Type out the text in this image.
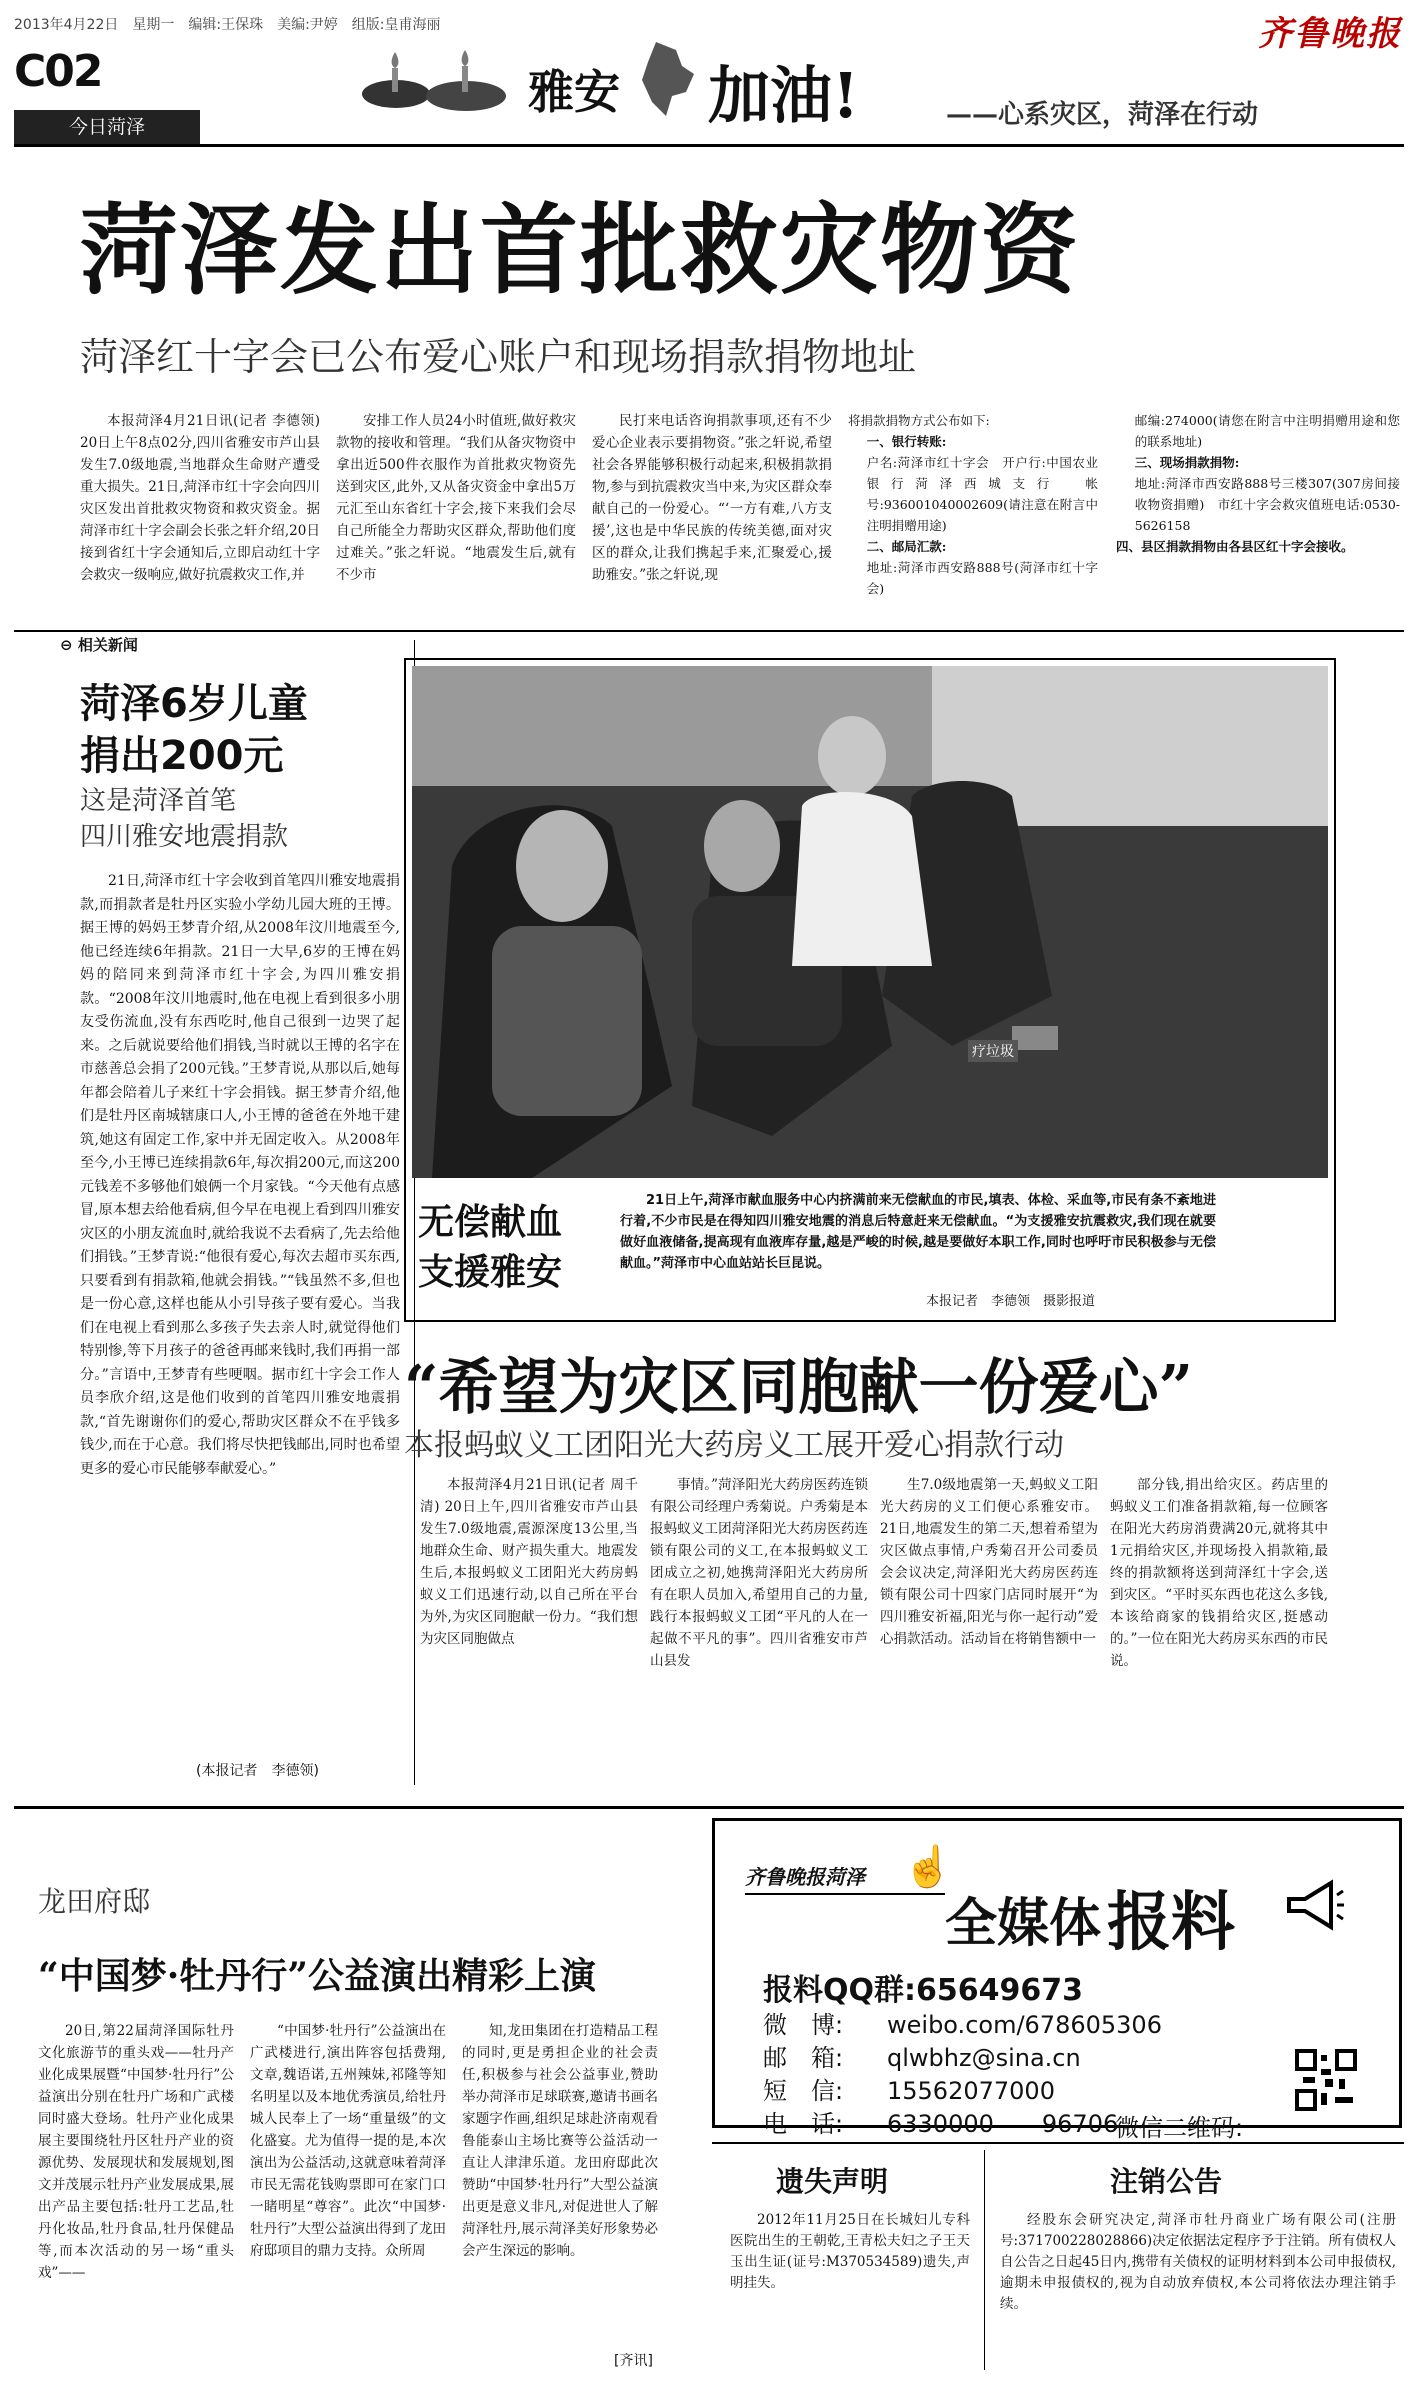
2013年4月22日　星期一　编辑:王保珠　美编:尹婷　组版:皇甫海丽	齐鲁晚报
C02
今日菏泽
雅安 加油!	——心系灾区，菏泽在行动
菏泽发出首批救灾物资
菏泽红十字会已公布爱心账户和现场捐款捐物地址

本报菏泽4月21日讯(记者 李德领) 20日上午8点02分,四川省雅安市芦山县发生7.0级地震,当地群众生命财产遭受重大损失。21日,菏泽市红十字会向四川灾区发出首批救灾物资和救灾资金。据菏泽市红十字会副会长张之轩介绍,20日接到省红十字会通知后,立即启动红十字会救灾一级响应,做好抗震救灾工作,并

安排工作人员24小时值班,做好救灾款物的接收和管理。“我们从备灾物资中拿出近500件衣服作为首批救灾物资先送到灾区,此外,又从备灾资金中拿出5万元汇至山东省红十字会,接下来我们会尽自己所能全力帮助灾区群众,帮助他们度过难关。”张之轩说。“地震发生后,就有不少市

民打来电话咨询捐款事项,还有不少爱心企业表示要捐物资。”张之轩说,希望社会各界能够积极行动起来,积极捐款捐物,参与到抗震救灾当中来,为灾区群众奉献自己的一份爱心。“‘一方有难,八方支援’,这也是中华民族的传统美德,面对灾区的群众,让我们携起手来,汇聚爱心,援助雅安。”张之轩说,现

将捐款捐物方式公布如下:
一、银行转账:
户名:菏泽市红十字会　开户行:中国农业银行菏泽西城支行　帐号:936001040002609(请注意在附言中注明捐赠用途)
二、邮局汇款:
地址:菏泽市西安路888号(菏泽市红十字会)
邮编:274000(请您在附言中注明捐赠用途和您的联系地址)
三、现场捐款捐物:
地址:菏泽市西安路888号三楼307(307房间接收物资捐赠)　市红十字会救灾值班电话:0530-5626158
四、县区捐款捐物由各县区红十字会接收。
⊖ 相关新闻
菏泽6岁儿童
捐出200元
这是菏泽首笔
四川雅安地震捐款

21日,菏泽市红十字会收到首笔四川雅安地震捐款,而捐款者是牡丹区实验小学幼儿园大班的王博。据王博的妈妈王梦青介绍,从2008年汶川地震至今,他已经连续6年捐款。21日一大早,6岁的王博在妈妈的陪同来到菏泽市红十字会,为四川雅安捐款。“2008年汶川地震时,他在电视上看到很多小朋友受伤流血,没有东西吃时,他自己很到一边哭了起来。之后就说要给他们捐钱,当时就以王博的名字在市慈善总会捐了200元钱。”王梦青说,从那以后,她每年都会陪着儿子来红十字会捐钱。据王梦青介绍,他们是牡丹区南城辖康口人,小王博的爸爸在外地干建筑,她这有固定工作,家中并无固定收入。从2008年至今,小王博已连续捐款6年,每次捐200元,而这200元钱差不多够他们娘俩一个月家钱。“今天他有点感冒,原本想去给他看病,但今早在电视上看到四川雅安灾区的小朋友流血时,就给我说不去看病了,先去给他们捐钱。”王梦青说:“他很有爱心,每次去超市买东西,只要看到有捐款箱,他就会捐钱。”“钱虽然不多,但也是一份心意,这样也能从小引导孩子要有爱心。当我们在电视上看到那么多孩子失去亲人时,就觉得他们特别惨,等下月孩子的爸爸再邮来钱时,我们再捐一部分。”言语中,王梦青有些哽咽。据市红十字会工作人员李欣介绍,这是他们收到的首笔四川雅安地震捐款,“首先谢谢你们的爱心,帮助灾区群众不在乎钱多钱少,而在于心意。我们将尽快把钱邮出,同时也希望更多的爱心市民能够奉献爱心。”

(本报记者　李德领)
疗垃圾
无偿献血
支援雅安

21日上午,菏泽市献血服务中心内挤满前来无偿献血的市民,填表、体检、采血等,市民有条不紊地进行着,不少市民是在得知四川雅安地震的消息后特意赶来无偿献血。“为支援雅安抗震救灾,我们现在就要做好血液储备,提高现有血液库存量,越是严峻的时候,越是要做好本职工作,同时也呼吁市民积极参与无偿献血。”菏泽市中心血站站长巨昆说。

本报记者　李德领　摄影报道
“希望为灾区同胞献一份爱心”
本报蚂蚁义工团阳光大药房义工展开爱心捐款行动

本报菏泽4月21日讯(记者 周千清) 20日上午,四川省雅安市芦山县发生7.0级地震,震源深度13公里,当地群众生命、财产损失重大。地震发生后,本报蚂蚁义工团阳光大药房蚂蚁义工们迅速行动,以自己所在平台为外,为灾区同胞献一份力。“我们想为灾区同胞做点

事情。”菏泽阳光大药房医药连锁有限公司经理户秀菊说。户秀菊是本报蚂蚁义工团菏泽阳光大药房医药连锁有限公司的义工,在本报蚂蚁义工团成立之初,她携菏泽阳光大药房所有在职人员加入,希望用自己的力量,践行本报蚂蚁义工团“平凡的人在一起做不平凡的事”。四川省雅安市芦山县发

生7.0级地震第一天,蚂蚁义工阳光大药房的义工们便心系雅安市。21日,地震发生的第二天,想着希望为灾区做点事情,户秀菊召开公司委员会会议决定,菏泽阳光大药房医药连锁有限公司十四家门店同时展开“为四川雅安祈福,阳光与你一起行动”爱心捐款活动。活动旨在将销售额中一

部分钱,捐出给灾区。药店里的蚂蚁义工们准备捐款箱,每一位顾客在阳光大药房消费满20元,就将其中1元捐给灾区,并现场投入捐款箱,最终的捐款额将送到菏泽红十字会,送到灾区。“平时买东西也花这么多钱,本该给商家的钱捐给灾区,挺感动的。”一位在阳光大药房买东西的市民说。

龙田府邸
“中国梦·牡丹行”公益演出精彩上演

20日,第22届菏泽国际牡丹文化旅游节的重头戏——牡丹产业化成果展暨“中国梦·牡丹行”公益演出分别在牡丹广场和广武楼同时盛大登场。牡丹产业化成果展主要围绕牡丹区牡丹产业的资源优势、发展现状和发展规划,图文并茂展示牡丹产业发展成果,展出产品主要包括:牡丹工艺品,牡丹化妆品,牡丹食品,牡丹保健品等,而本次活动的另一场“重头戏”——

“中国梦·牡丹行”公益演出在广武楼进行,演出阵容包括费翔,文章,魏语诺,五州辣妹,祁隆等知名明星以及本地优秀演员,给牡丹城人民奉上了一场“重量级”的文化盛宴。尤为值得一提的是,本次演出为公益活动,这就意味着菏泽市民无需花钱购票即可在家门口一睹明星“尊容”。此次“中国梦·牡丹行”大型公益演出得到了龙田府邸项目的鼎力支持。众所周

知,龙田集团在打造精品工程的同时,更是勇担企业的社会责任,积极参与社会公益事业,赞助举办菏泽市足球联赛,邀请书画名家题字作画,组织足球赴济南观看鲁能泰山主场比赛等公益活动一直让人津津乐道。龙田府邸此次赞助“中国梦·牡丹行”大型公益演出更是意义非凡,对促进世人了解菏泽牡丹,展示菏泽美好形象势必会产生深远的影响。

[齐讯]
齐鲁晚报菏泽 ☝
全媒体 报料
报料QQ群:65649673
微　博: weibo.com/678605306
邮　箱: qlwbhz@sina.cn
短　信: 15562077000
电　话: 6330000　　96706
微信二维码:
遗失声明

2012年11月25日在长城妇儿专科医院出生的王朝乾,王青松夫妇之子王天玉出生证(证号:M370534589)遗失,声明挂失。

注销公告

经股东会研究决定,菏泽市牡丹商业广场有限公司(注册号:371700228028866)决定依据法定程序予于注销。所有债权人自公告之日起45日内,携带有关债权的证明材料到本公司申报债权,逾期未申报债权的,视为自动放弃债权,本公司将依法办理注销手续。
